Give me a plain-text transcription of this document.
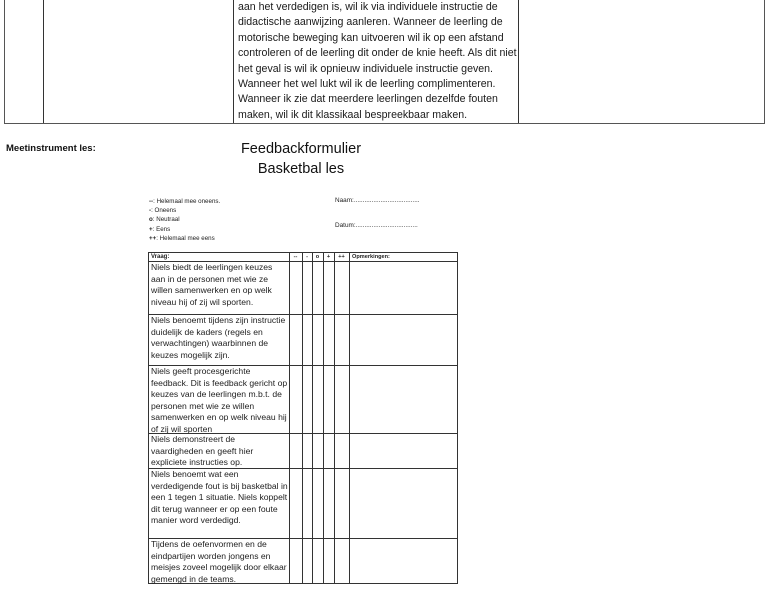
aan het verdedigen is, wil ik via individuele instructie de

didactische aanwijzing aanleren. Wanneer de leerling de

motorische beweging kan uitvoeren wil ik op een afstand

controleren of de leerling dit onder de knie heeft. Als dit niet

het geval is wil ik opnieuw individuele instructie geven.

Wanneer het wel lukt wil ik de leerling complimenteren.

Wanneer ik zie dat meerdere leerlingen dezelfde fouten

maken, wil ik dit klassikaal bespreekbaar maken.

Meetinstrument les:	Feedbackformulier
Basketbal les
--: Helemaal mee oneens.
-: Oneens
o: Neutraal
+: Eens
++: Helemaal mee eens
Naam:.....................................
Datum:...................................
Vraag:	--	-	o	+	++	Opmerkingen:
Niels biedt de leerlingen keuzes aan in de personen met wie ze willen samenwerken en op welk niveau hij of zij wil sporten.
Niels benoemt tijdens zijn instructie duidelijk de kaders (regels en verwachtingen) waarbinnen de keuzes mogelijk zijn.
Niels geeft procesgerichte feedback. Dit is feedback gericht op keuzes van de leerlingen m.b.t. de personen met wie ze willen samenwerken en op welk niveau hij of zij wil sporten
Niels demonstreert de vaardigheden en geeft hier expliciete instructies op.
Niels benoemt wat een verdedigende fout is bij basketbal in een 1 tegen 1 situatie. Niels koppelt dit terug wanneer er op een foute manier word verdedigd.
Tijdens de oefenvormen en de eindpartijen worden jongens en meisjes zoveel mogelijk door elkaar gemengd in de teams.
